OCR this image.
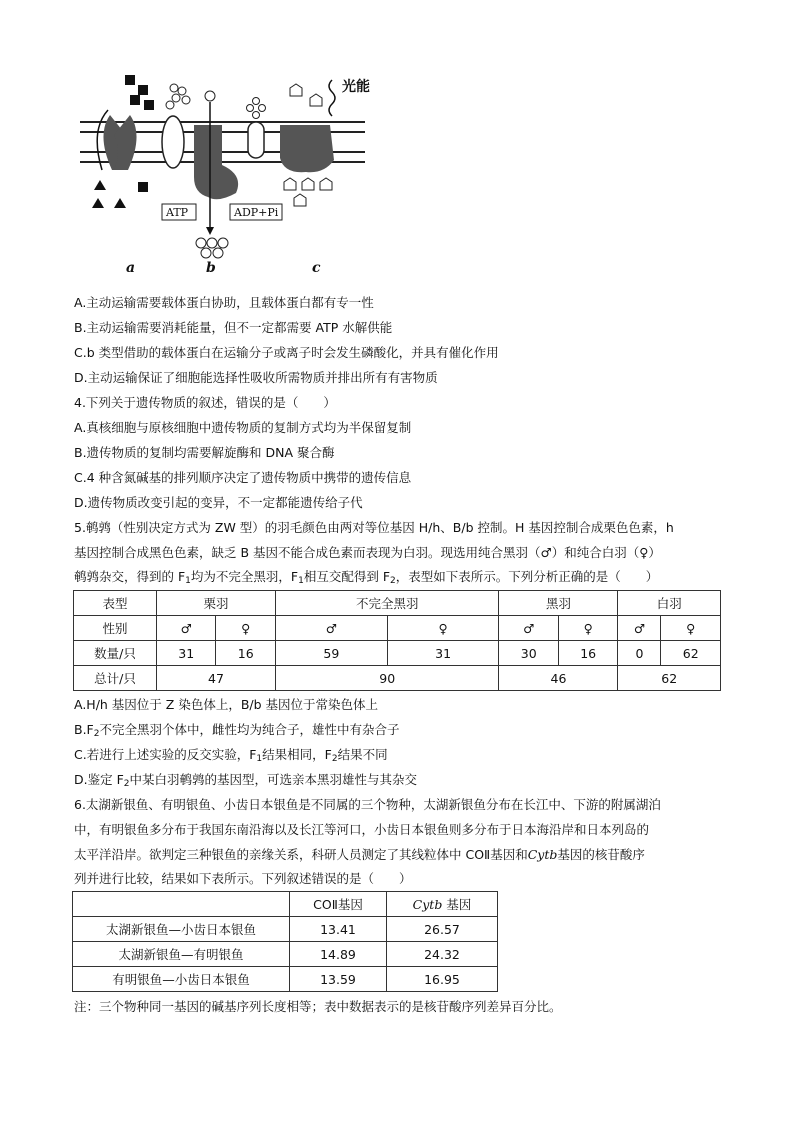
光能
ATP	ADP+Pi
a	b	c
A.主动运输需要载体蛋白协助，且载体蛋白都有专一性
B.主动运输需要消耗能量，但不一定都需要 ATP 水解供能
C.b 类型借助的载体蛋白在运输分子或离子时会发生磷酸化，并具有催化作用
D.主动运输保证了细胞能选择性吸收所需物质并排出所有有害物质
4.下列关于遗传物质的叙述，错误的是（　　）
A.真核细胞与原核细胞中遗传物质的复制方式均为半保留复制
B.遗传物质的复制均需要解旋酶和 DNA 聚合酶
C.4 种含氮碱基的排列顺序决定了遗传物质中携带的遗传信息
D.遗传物质改变引起的变异，不一定都能遗传给子代
5.鹌鹑（性别决定方式为 ZW 型）的羽毛颜色由两对等位基因 H/h、B/b 控制。H 基因控制合成栗色色素，h
基因控制合成黑色色素，缺乏 B 基因不能合成色素而表现为白羽。现选用纯合黑羽（♂）和纯合白羽（♀）
鹌鹑杂交，得到的 $F_1$均为不完全黑羽，$F_1$相互交配得到 $F_2$，表型如下表所示。下列分析正确的是（　　）
表型	栗羽		不完全黑羽		黑羽		白羽	
性别	♂	♀	♂	♀	♂	♀	♂	♀
数量/只	31	16	59	31	30	16	0	62
总计/只	47		90		46		62	
A.H/h 基因位于 Z 染色体上，B/b 基因位于常染色体上
$B.F_2$不完全黑羽个体中，雌性均为纯合子，雄性中有杂合子
C.若进行上述实验的反交实验，$F_1$结果相同，$F_2$结果不同
D.鉴定 $F_2$中某白羽鹌鹑的基因型，可选亲本黑羽雄性与其杂交
6.太湖新银鱼、有明银鱼、小齿日本银鱼是不同属的三个物种，太湖新银鱼分布在长江中、下游的附属湖泊
中，有明银鱼多分布于我国东南沿海以及长江等河口，小齿日本银鱼则多分布于日本海沿岸和日本列岛的
太平洋沿岸。欲判定三种银鱼的亲缘关系，科研人员测定了其线粒体中 COⅡ基因和Cytb基因的核苷酸序
列并进行比较，结果如下表所示。下列叙述错误的是（　　）
	COⅡ基因	Cytb 基因
太湖新银鱼—小齿日本银鱼	13.41	26.57
太湖新银鱼—有明银鱼	14.89	24.32
有明银鱼—小齿日本银鱼	13.59	16.95
注：三个物种同一基因的碱基序列长度相等；表中数据表示的是核苷酸序列差异百分比。
